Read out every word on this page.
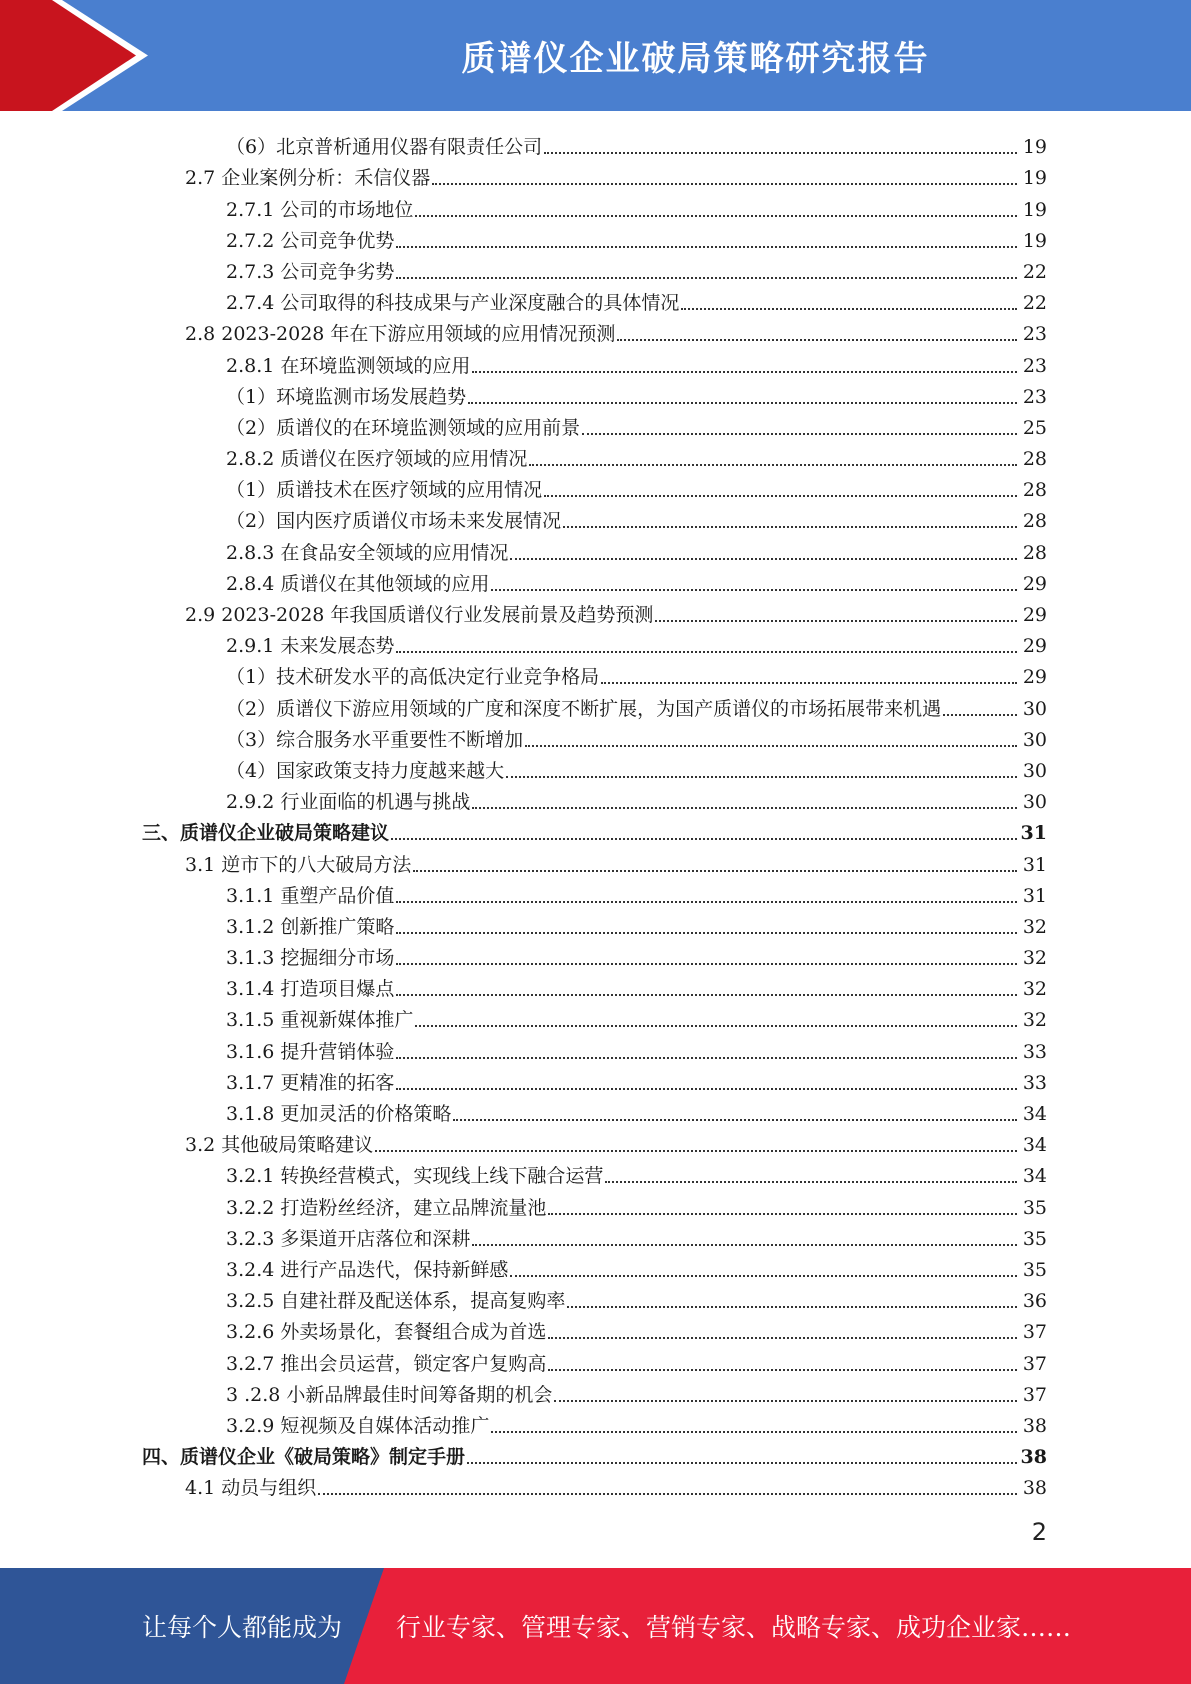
质谱仪企业破局策略研究报告
（6）北京普析通用仪器有限责任公司	19
2.7 企业案例分析：禾信仪器	19
2.7.1 公司的市场地位	19
2.7.2 公司竞争优势	19
2.7.3 公司竞争劣势	22
2.7.4 公司取得的科技成果与产业深度融合的具体情况	22
2.8 2023-2028 年在下游应用领域的应用情况预测	23
2.8.1 在环境监测领域的应用	23
（1）环境监测市场发展趋势	23
（2）质谱仪的在环境监测领域的应用前景	25
2.8.2 质谱仪在医疗领域的应用情况	28
（1）质谱技术在医疗领域的应用情况	28
（2）国内医疗质谱仪市场未来发展情况	28
2.8.3 在食品安全领域的应用情况	28
2.8.4 质谱仪在其他领域的应用	29
2.9 2023-2028 年我国质谱仪行业发展前景及趋势预测	29
2.9.1 未来发展态势	29
（1）技术研发水平的高低决定行业竞争格局	29
（2）质谱仪下游应用领域的广度和深度不断扩展，为国产质谱仪的市场拓展带来机遇	30
（3）综合服务水平重要性不断增加	30
（4）国家政策支持力度越来越大	30
2.9.2 行业面临的机遇与挑战	30
三、质谱仪企业破局策略建议	31
3.1 逆市下的八大破局方法	31
3.1.1 重塑产品价值	31
3.1.2 创新推广策略	32
3.1.3 挖掘细分市场	32
3.1.4 打造项目爆点	32
3.1.5 重视新媒体推广	32
3.1.6 提升营销体验	33
3.1.7 更精准的拓客	33
3.1.8 更加灵活的价格策略	34
3.2 其他破局策略建议	34
3.2.1 转换经营模式，实现线上线下融合运营	34
3.2.2 打造粉丝经济，建立品牌流量池	35
3.2.3 多渠道开店落位和深耕	35
3.2.4 进行产品迭代，保持新鲜感	35
3.2.5 自建社群及配送体系，提高复购率	36
3.2.6 外卖场景化，套餐组合成为首选	37
3.2.7 推出会员运营，锁定客户复购高	37
3 .2.8 小新品牌最佳时间筹备期的机会	37
3.2.9 短视频及自媒体活动推广	38
四、质谱仪企业《破局策略》制定手册	38
4.1 动员与组织	38
2
让每个人都能成为 行业专家、管理专家、营销专家、战略专家、成功企业家……
